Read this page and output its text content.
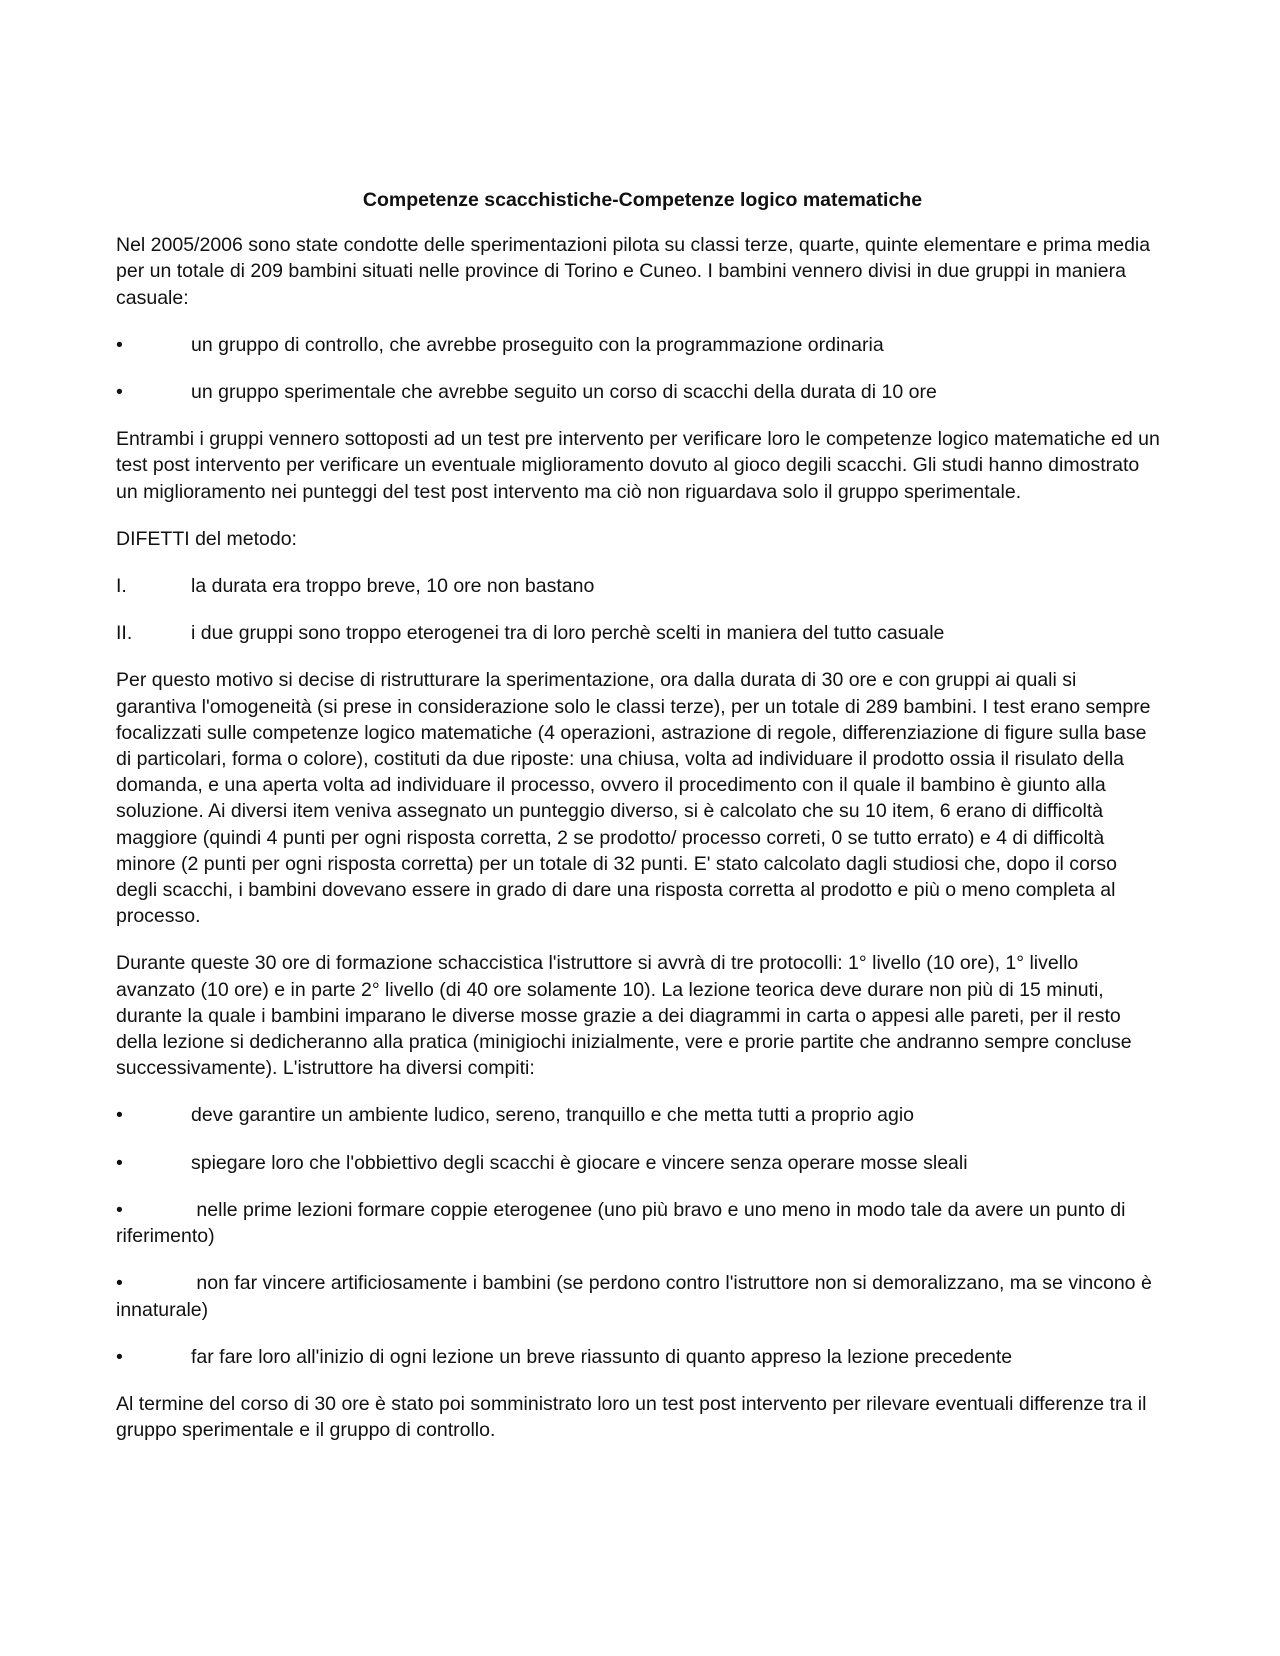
Competenze scacchistiche-Competenze logico matematiche

Nel 2005/2006 sono state condotte delle sperimentazioni pilota su classi terze, quarte, quinte elementare e prima media per un totale di 209 bambini situati nelle province di Torino e Cuneo. I bambini vennero divisi in due gruppi in maniera casuale:

•	un gruppo di controllo, che avrebbe proseguito con la programmazione ordinaria
•	un gruppo sperimentale che avrebbe seguito un corso di scacchi della durata di 10 ore

Entrambi i gruppi vennero sottoposti ad un test pre intervento per verificare loro le competenze logico matematiche ed un test post intervento per verificare un eventuale miglioramento dovuto al gioco degili scacchi. Gli studi hanno dimostrato un miglioramento nei punteggi del test post intervento ma ciò non riguardava solo il gruppo sperimentale.

DIFETTI del metodo:

I.	la durata era troppo breve, 10 ore non bastano
II.	i due gruppi sono troppo eterogenei tra di loro perchè scelti in maniera del tutto casuale

Per questo motivo si decise di ristrutturare la sperimentazione, ora dalla durata di 30 ore e con gruppi ai quali si garantiva l'omogeneità (si prese in considerazione solo le classi terze), per un totale di 289 bambini. I test erano sempre focalizzati sulle competenze logico matematiche (4 operazioni, astrazione di regole, differenziazione di figure sulla base di particolari, forma o colore), costituti da due riposte: una chiusa, volta ad individuare il prodotto ossia il risulato della domanda, e una aperta volta ad individuare il processo, ovvero il procedimento con il quale il bambino è giunto alla soluzione. Ai diversi item veniva assegnato un punteggio diverso, si è calcolato che su 10 item, 6 erano di difficoltà maggiore (quindi 4 punti per ogni risposta corretta, 2 se prodotto/ processo correti, 0 se tutto errato) e 4 di difficoltà minore (2 punti per ogni risposta corretta) per un totale di 32 punti. E' stato calcolato dagli studiosi che, dopo il corso degli scacchi, i bambini dovevano essere in grado di dare una risposta corretta al prodotto e più o meno completa al processo.

Durante queste 30 ore di formazione schaccistica l'istruttore si avvrà di tre protocolli: 1° livello (10 ore), 1° livello avanzato (10 ore) e in parte 2° livello (di 40 ore solamente 10). La lezione teorica deve durare non più di 15 minuti, durante la quale i bambini imparano le diverse mosse grazie a dei diagrammi in carta o appesi alle pareti, per il resto della lezione si dedicheranno alla pratica (minigiochi inizialmente, vere e prorie partite che andranno sempre concluse successivamente). L'istruttore ha diversi compiti:

•	deve garantire un ambiente ludico, sereno, tranquillo e che metta tutti a proprio agio
•	spiegare loro che l'obbiettivo degli scacchi è giocare e vincere senza operare mosse sleali
•	nelle prime lezioni formare coppie eterogenee (uno più bravo e uno meno in modo tale da avere un punto di riferimento)
•	non far vincere artificiosamente i bambini (se perdono contro l'istruttore non si demoralizzano, ma se vincono è innaturale)
•	far fare loro all'inizio di ogni lezione un breve riassunto di quanto appreso la lezione precedente

Al termine del corso di 30 ore è stato poi somministrato loro un test post intervento per rilevare eventuali differenze tra il gruppo sperimentale e il gruppo di controllo.
